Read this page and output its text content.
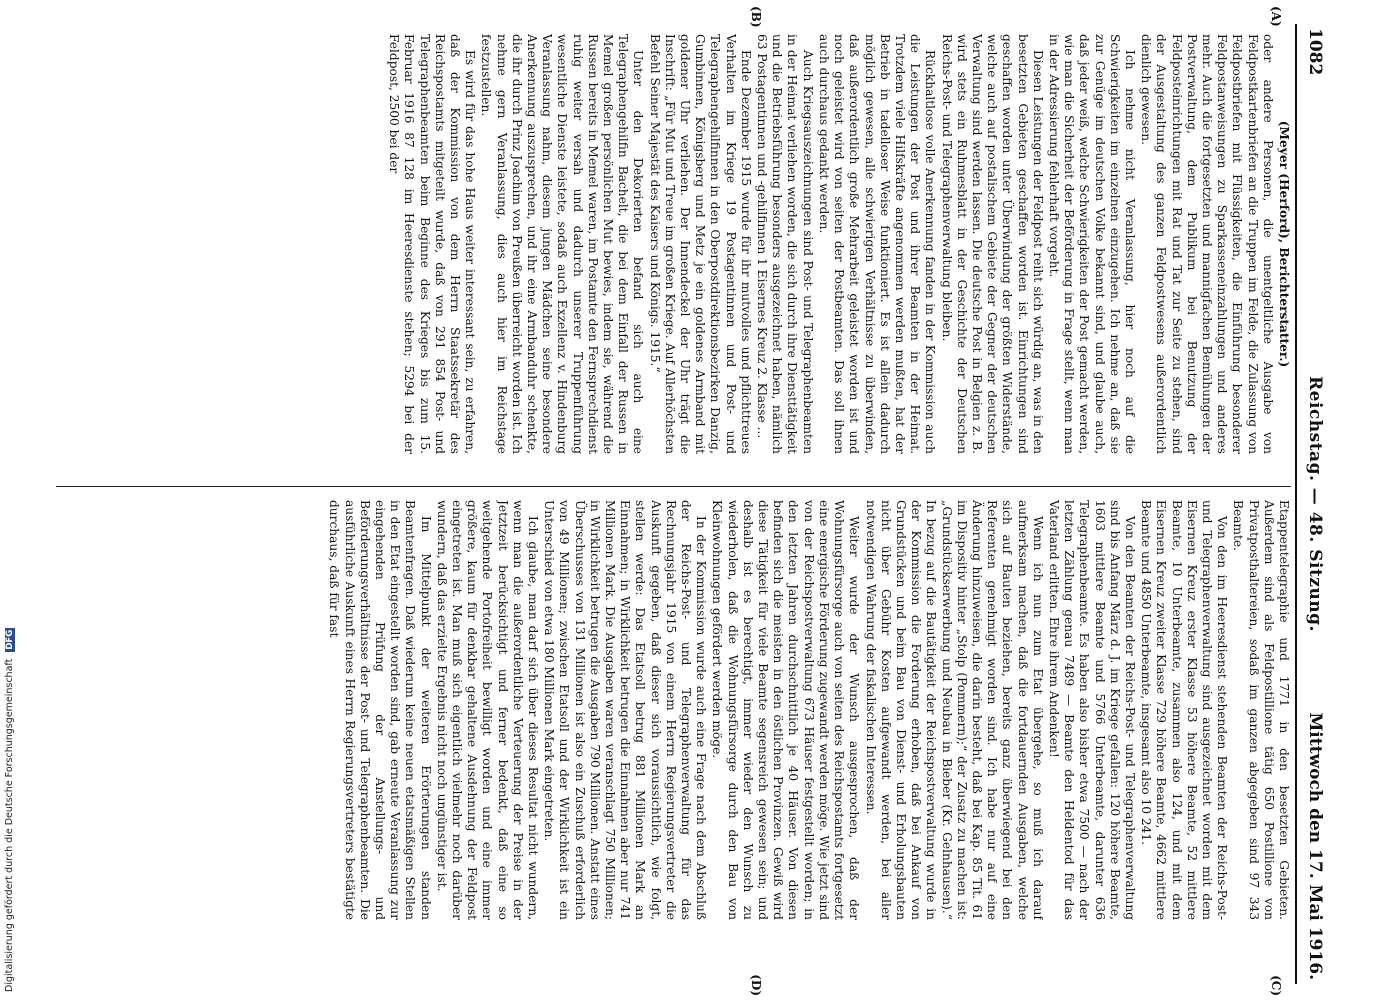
1082
Reichstag. — 48. Sitzung.
Mittwoch den 17. Mai 1916.
(A)
(B)
(C)
(D)

(Meyer (Herford), Berichterstatter.)

oder andere Personen, die unentgeltliche Ausgabe von Feldpostkartenbriefen an die Truppen im Felde, die Zulassung von Feldpostbriefen mit Flüssigkeiten, die Einführung besonderer Feldpostanweisungen zu Sparkasseneinzahlungen und anderes mehr. Auch die fortgesetzten und mannigfachen Bemühungen der Postverwaltung, dem Publikum bei Benutzung der Feldposteinrichtungen mit Rat und Tat zur Seite zu stehen, sind der Ausgestaltung des ganzen Feldpostwesens außerordentlich dienlich gewesen.

Ich nehme nicht Veranlassung, hier noch auf die Schwierigkeiten im einzelnen einzugehen. Ich nehme an, daß sie zur Genüge im deutschen Volke bekannt sind, und glaube auch, daß jeder weiß, welche Schwierigkeiten der Post gemacht werden, wie man die Sicherheit der Beförderung in Frage stellt, wenn man in der Adressierung fehlerhaft vorgeht.

Diesen Leistungen der Feldpost reiht sich würdig an, was in den besetzten Gebieten geschaffen worden ist. Einrichtungen sind geschaffen worden unter Überwindung der größten Widerstände, welche auch auf postalischem Gebiete der Gegner der deutschen Verwaltung sind werden lassen. Die deutsche Post in Belgien z. B. wird stets ein Ruhmesblatt in der Geschichte der Deutschen Reichs-Post- und Telegraphenverwaltung bleiben.

Rückhaltlose volle Anerkennung fanden in der Kommission auch die Leistungen der Post und ihrer Beamten in der Heimat. Trotzdem viele Hilfskräfte angenommen werden mußten, hat der Betrieb in tadelloser Weise funktioniert. Es ist allein dadurch möglich gewesen, alle schwierigen Verhältnisse zu überwinden, daß außerordentlich große Mehrarbeit geleistet worden ist und noch geleistet wird von seiten der Postbeamten. Das soll ihnen auch durchaus gedankt werden.

Auch Kriegsauszeichnungen sind Post- und Telegraphenbeamten in der Heimat verliehen worden, die sich durch ihre Diensttätigkeit und die Betriebsführung besonders ausgezeichnet haben, nämlich 63 Postagentinnen und -gehilfinnen 1 Eisernes Kreuz 2. Klasse ...

Ende Dezember 1915 wurde für ihr mutvolles und pflichttreues Verhalten im Kriege 19 Postagentinnen und Post- und Telegraphengehilfinnen in den Oberpostdirektionsbezirken Danzig, Gumbinnen, Königsberg und Metz je ein goldenes Armband mit goldener Uhr verliehen. Der Innendeckel der Uhr trägt die Inschrift: „Für Mut und Treue im großen Kriege. Auf Allerhöchsten Befehl Seiner Majestät des Kaisers und Königs. 1915.“

Unter den Dekorierten befand sich auch eine Telegraphengehilfin Bachelt, die bei dem Einfall der Russen in Memel großen persönlichen Mut bewies, indem sie, während die Russen bereits in Memel waren, im Postamte den Fernsprechdienst ruhig weiter versah und dadurch unserer Truppenführung wesentliche Dienste leistete, sodaß auch Exzellenz v. Hindenburg Veranlassung nahm, diesem jungen Mädchen seine besondere Anerkennung auszusprechen, und ihr eine Armbanduhr schenkte, die ihr durch Prinz Joachim von Preußen überreicht worden ist. Ich nehme gern Veranlassung, dies auch hier im Reichstage festzustellen.

Es wird für das hohe Haus weiter interessant sein, zu erfahren, daß der Kommission von dem Herrn Staatssekretär des Reichspostamts mitgeteilt wurde, daß von 291 854 Post- und Telegraphenbeamten beim Beginne des Krieges bis zum 15. Februar 1916 87 128 im Heeresdienste stehen; 5294 bei der Feldpost, 2500 bei der

Etappentelegraphie und 1771 in den besetzten Gebieten. Außerdem sind als Feldpostillione tätig 650 Postillione von Privatposthaltereien, sodaß im ganzen abgegeben sind 97 343 Beamte.

Von den im Heeresdienst stehenden Beamten der Reichs-Post- und Telegraphenverwaltung sind ausgezeichnet worden mit dem Eisernen Kreuz erster Klasse 53 höhere Beamte, 52 mittlere Beamte, 10 Unterbeamte, zusammen also 124, und mit dem Eisernen Kreuz zweiter Klasse 729 höhere Beamte, 4662 mittlere Beamte und 4850 Unterbeamte, insgesamt also 10 241.

Von den Beamten der Reichs-Post- und Telegraphenverwaltung sind bis Anfang März d. J. im Kriege gefallen: 120 höhere Beamte, 1603 mittlere Beamte und 5766 Unterbeamte, darunter 636 Telegraphenbeamte. Es haben also bisher etwa 7500 — nach der letzten Zählung genau 7489 — Beamte den Heldentod für das Vaterland erlitten. Ehre ihrem Andenken!

Wenn ich nun zum Etat übergehe, so muß ich darauf aufmerksam machen, daß die fortdauernden Ausgaben, welche sich auf Bauten beziehen, bereits ganz überwiegend bei den Referenten genehmigt worden sind. Ich habe nur auf eine Änderung hinzuweisen, die darin besteht, daß bei Kap. 85 Tit. 61 im Dispositiv hinter „Stolp (Pommern);“ der Zusatz zu machen ist: „Grundstückserwerbung und Neubau in Bieber (Kr. Gelnhausen).“ In bezug auf die Bautätigkeit der Reichspostverwaltung wurde in der Kommission die Forderung erhoben, daß bei Ankauf von Grundstücken und beim Bau von Dienst- und Erholungsbauten nicht über Gebühr Kosten aufgewandt werden, bei aller notwendigen Wahrung der fiskalischen Interessen.

Weiter wurde der Wunsch ausgesprochen, daß der Wohnungsfürsorge auch von seiten des Reichspostamts fortgesetzt eine energische Förderung zugewandt werden möge. Wie jetzt sind von der Reichspostverwaltung 673 Häuser festgestellt worden; in den letzten Jahren durchschnittlich je 40 Häuser. Von diesen befinden sich die meisten in den östlichen Provinzen. Gewiß wird diese Tätigkeit für viele Beamte segensreich gewesen sein; und deshalb ist es berechtigt, immer wieder den Wunsch zu wiederholen, daß die Wohnungsfürsorge durch den Bau von Kleinwohnungen gefördert werden möge.

In der Kommission wurde auch eine Frage nach dem Abschluß der Reichs-Post- und Telegraphenverwaltung für das Rechnungsjahr 1915 von einem Herrn Regierungsvertreter die Auskunft gegeben, daß dieser sich voraussichtlich, wie folgt, stellen werde: Das Etatsoll betrug 881 Millionen Mark an Einnahmen; in Wirklichkeit betrugen die Einnahmen aber nur 741 Millionen Mark. Die Ausgaben waren veranschlagt 750 Millionen; in Wirklichkeit betrugen die Ausgaben 790 Millionen. Anstatt eines Überschusses von 131 Millionen ist also ein Zuschuß erforderlich von 49 Millionen; zwischen Etatsoll und der Wirklichkeit ist ein Unterschied von etwa 180 Millionen Mark eingetreten.

Ich glaube, man darf sich über dieses Resultat nicht wundern, wenn man die außerordentliche Verteuerung der Preise in der Jetztzeit berücksichtigt und ferner bedenkt, daß eine so weitgehende Portofreiheit bewilligt worden und eine immer größere, kaum für denkbar gehaltene Ausdehnung der Feldpost eingetreten ist. Man muß sich eigentlich vielmehr noch darüber wundern, daß das erzielte Ergebnis nicht noch ungünstiger ist.

Im Mittelpunkt der weiteren Erörterungen standen Beamtenfragen. Daß wiederum keine neuen etatsmäßigen Stellen in den Etat eingestellt worden sind, gab erneute Veranlassung zur eingehenden Prüfung der Anstellungs- und Beförderungsverhältnisse der Post- und Telegraphenbeamten. Die ausführliche Auskunft eines Herrn Regierungsvertreters bestätigte durchaus, daß für fast

Digitalisierung gefördert durch die Deutsche Forschungsgemeinschaft DFG
